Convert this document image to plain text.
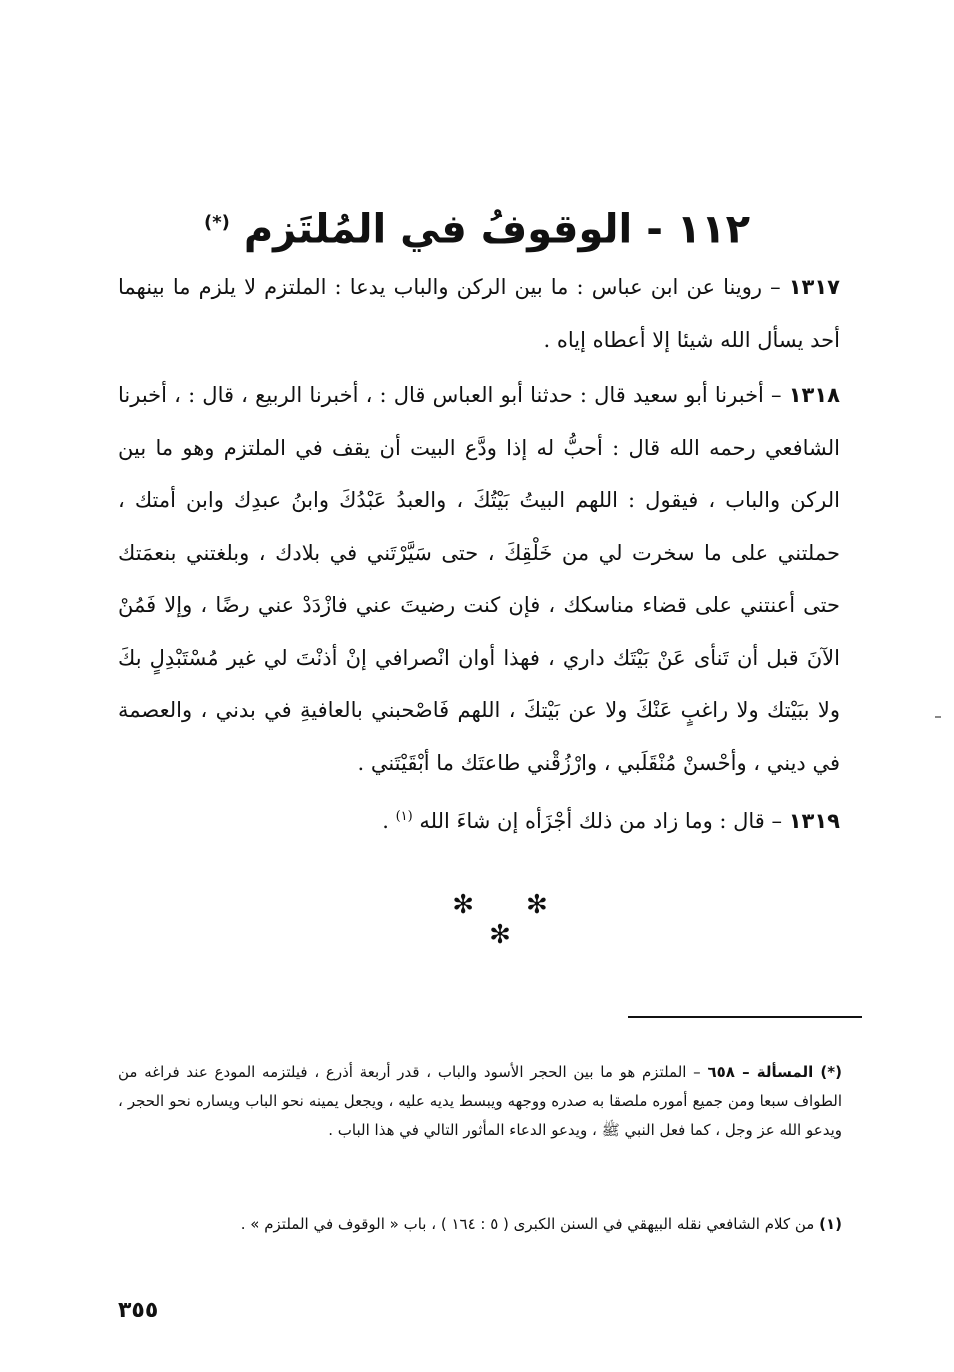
١١٢ - الوقوفُ في المُلتَزم (*)

١٣١٧ – روينا عن ابن عباس : ما بين الركن والباب يدعا : الملتزم لا يلزم ما بينهما أحد يسأل الله شيئا إلا أعطاه إياه .

١٣١٨ – أخبرنا أبو سعيد قال : حدثنا أبو العباس قال : ، أخبرنا الربيع ، قال : ، أخبرنا الشافعي رحمه الله قال : أحبُّ له إذا ودَّع البيت أن يقف في الملتزم وهو ما بين الركن والباب ، فيقول : اللهم البيتُ بَيْتُكَ ، والعبدُ عَبْدُكَ وابنُ عبدِك وابن أمتك ، حملتني على ما سخرت لي من خَلْقِكَ ، حتى سَيَّرْتَني في بلادك ، وبلغتني بنعمَتك حتى أعنتني على قضاء مناسكك ، فإن كنت رضيتَ عني فازْدَدْ عني رضًا ، وإلا فَمُنْ الآنَ قبل أن تَنأى عَنْ بَيْتَك داري ، فهذا أوان انْصرافي إنْ أذنْتَ لي غير مُسْتَبْدِلٍ بكَ ولا ببَيْتك ولا راغبٍ عَنْكَ ولا عن بَيْتكَ ، اللهم فَاصْحبني بالعافيةِ في بدني ، والعصمة في ديني ، وأحْسنْ مُنْقَلَبي ، وارْزُقْني طاعتَك ما أبْقَيْتَني .

١٣١٩ – قال : وما زاد من ذلك أجْزَأه إن شاءَ الله $^{(١)}$ .

✻ ✻✻

(*) المسألة – ٦٥٨ – الملتزم هو ما بين الحجر الأسود والباب ، قدر أربعة أذرع ، فيلتزمه المودع عند فراغه من الطواف سبعا ومن جميع أموره ملصقا به صدره ووجهه ويبسط يديه عليه ، ويجعل يمينه نحو الباب ويساره نحو الحجر ، ويدعو الله عز وجل ، كما فعل النبي ﷺ ، ويدعو الدعاء المأثور التالي في هذا الباب .

(١) من كلام الشافعي نقله البيهقي في السنن الكبرى ( ٥ : ١٦٤ ) ، باب « الوقوف في الملتزم » .

٣٥٥
